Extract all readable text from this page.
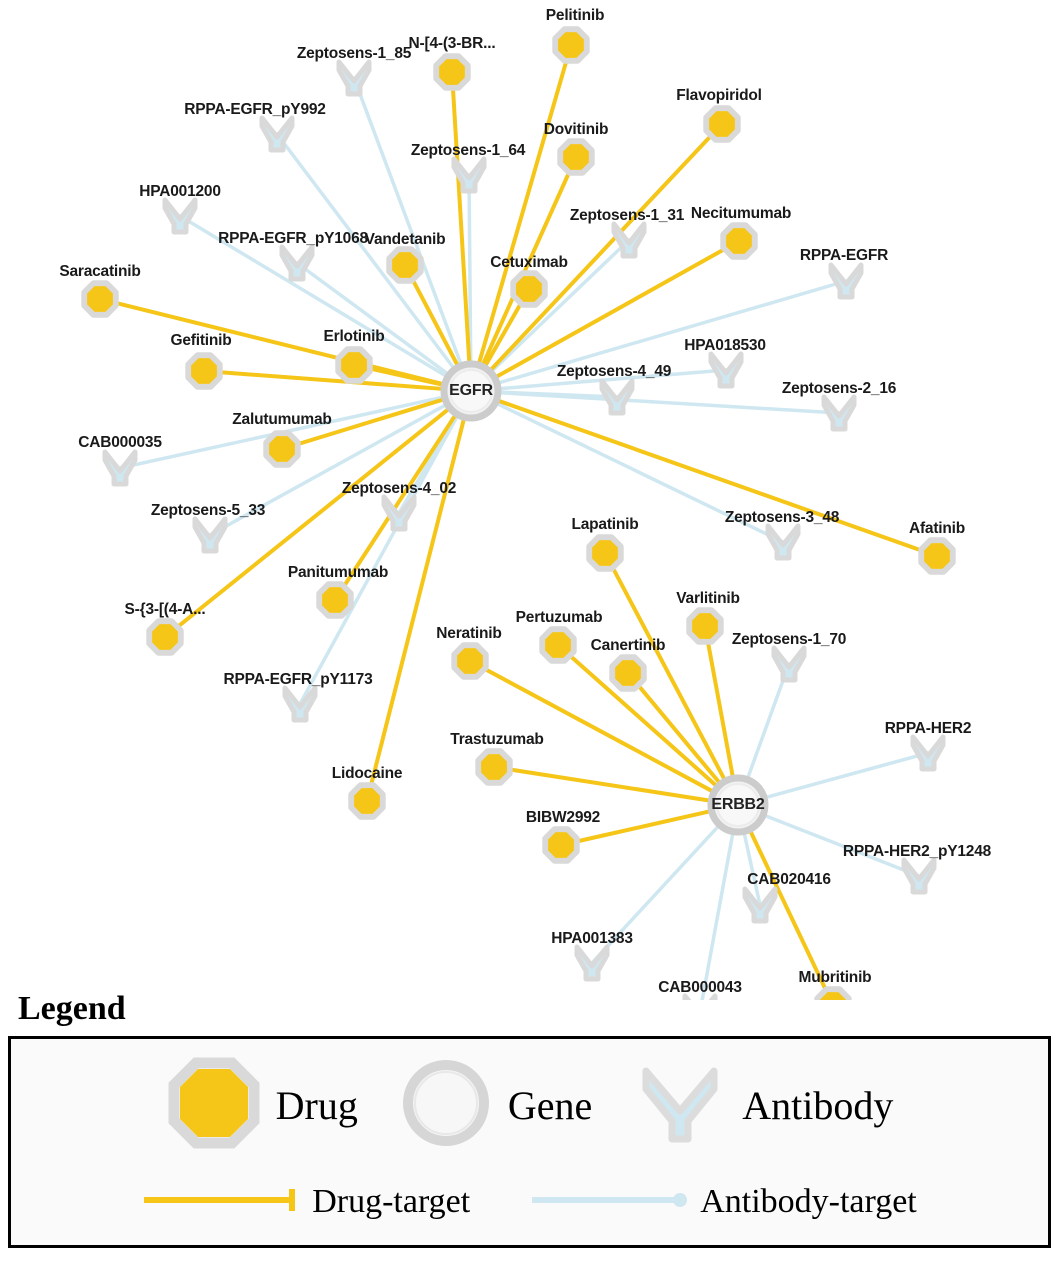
Pelitinib
N-[4-(3-BR...
Flavopiridol
Dovitinib
Necitumumab
Vandetanib
Cetuximab
Saracatinib
Gefitinib	Erlotinib
Zalutumumab
Afatinib
Lapatinib
Panitumumab
Varlitinib
S-{3-[(4-A...	Pertuzumab
Neratinib
Canertinib
Trastuzumab
Lidocaine
BIBW2992
Mubritinib
Zeptosens-1_85
RPPA-EGFR_pY992
Zeptosens-1_64
HPA001200
Zeptosens-1_31
RPPA-EGFR_pY1068
RPPA-EGFR
HPA018530
Zeptosens-4_49
Zeptosens-2_16
CAB000035
Zeptosens-4_02
Zeptosens-5_33	Zeptosens-3_48
Zeptosens-1_70
RPPA-EGFR_pY1173
RPPA-HER2
RPPA-HER2_pY1248
CAB020416
HPA001383
CAB000043
EGFR
ERBB2
Legend
Drug	Gene	Antibody
Drug-target	Antibody-target
